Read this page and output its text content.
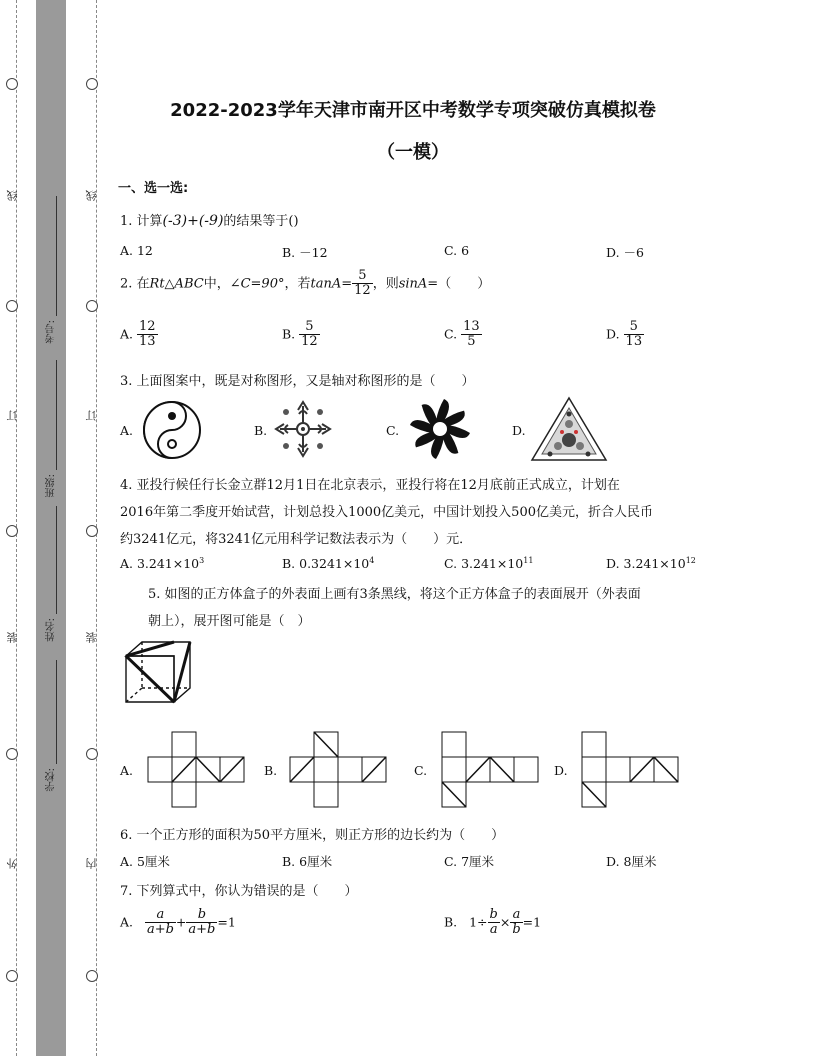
线
订
装
外
线
订
装
内
考号:
班级:
姓名:
学校:
2022-2023学年天津市南开区中考数学专项突破仿真模拟卷
（一模）
一、选一选:
1. 计算(-3)+(-9)的结果等于()
A. 12	B. －12	C. 6	D. －6
2. 在Rt△ABC中，∠C=90°，若$\tan A= \frac{5}{12}$ ，则sinA=（　　）
A. $\frac{12}{13}$	B. $\frac{5}{12}$	C. $\frac{13}{5}$	D. $\frac{5}{13}$
3. 上面图案中，既是对称图形，又是轴对称图形的是（　　）
A.	B.	C.	D.
4. 亚投行候任行长金立群12月1日在北京表示，亚投行将在12月底前正式成立，计划在
2016年第二季度开始试营，计划总投入1000亿美元，中国计划投入500亿美元，折合人民币
约3241亿元，将3241亿元用科学记数法表示为（　　）元．
A. $3.241\times 10^3$	B. $0.3241\times 10^4$	C. $3.241\times 10^{11}$	D. $3.241\times 10^{12}$
5. 如图的正方体盒子的外表面上画有3条黑线，将这个正方体盒子的表面展开（外表面
朝上），展开图可能是（　）
A.	B.	C.	D.
6. 一个正方形的面积为50平方厘米，则正方形的边长约为（　　）
A. 5厘米	B. 6厘米	C. 7厘米	D. 8厘米
7. 下列算式中，你认为错误的是（　　）
A. $\frac{a}{a+b} + \frac{b}{a+b} =1$	B. $1\div \frac{b}{a} \times \frac{a}{b} =1$
